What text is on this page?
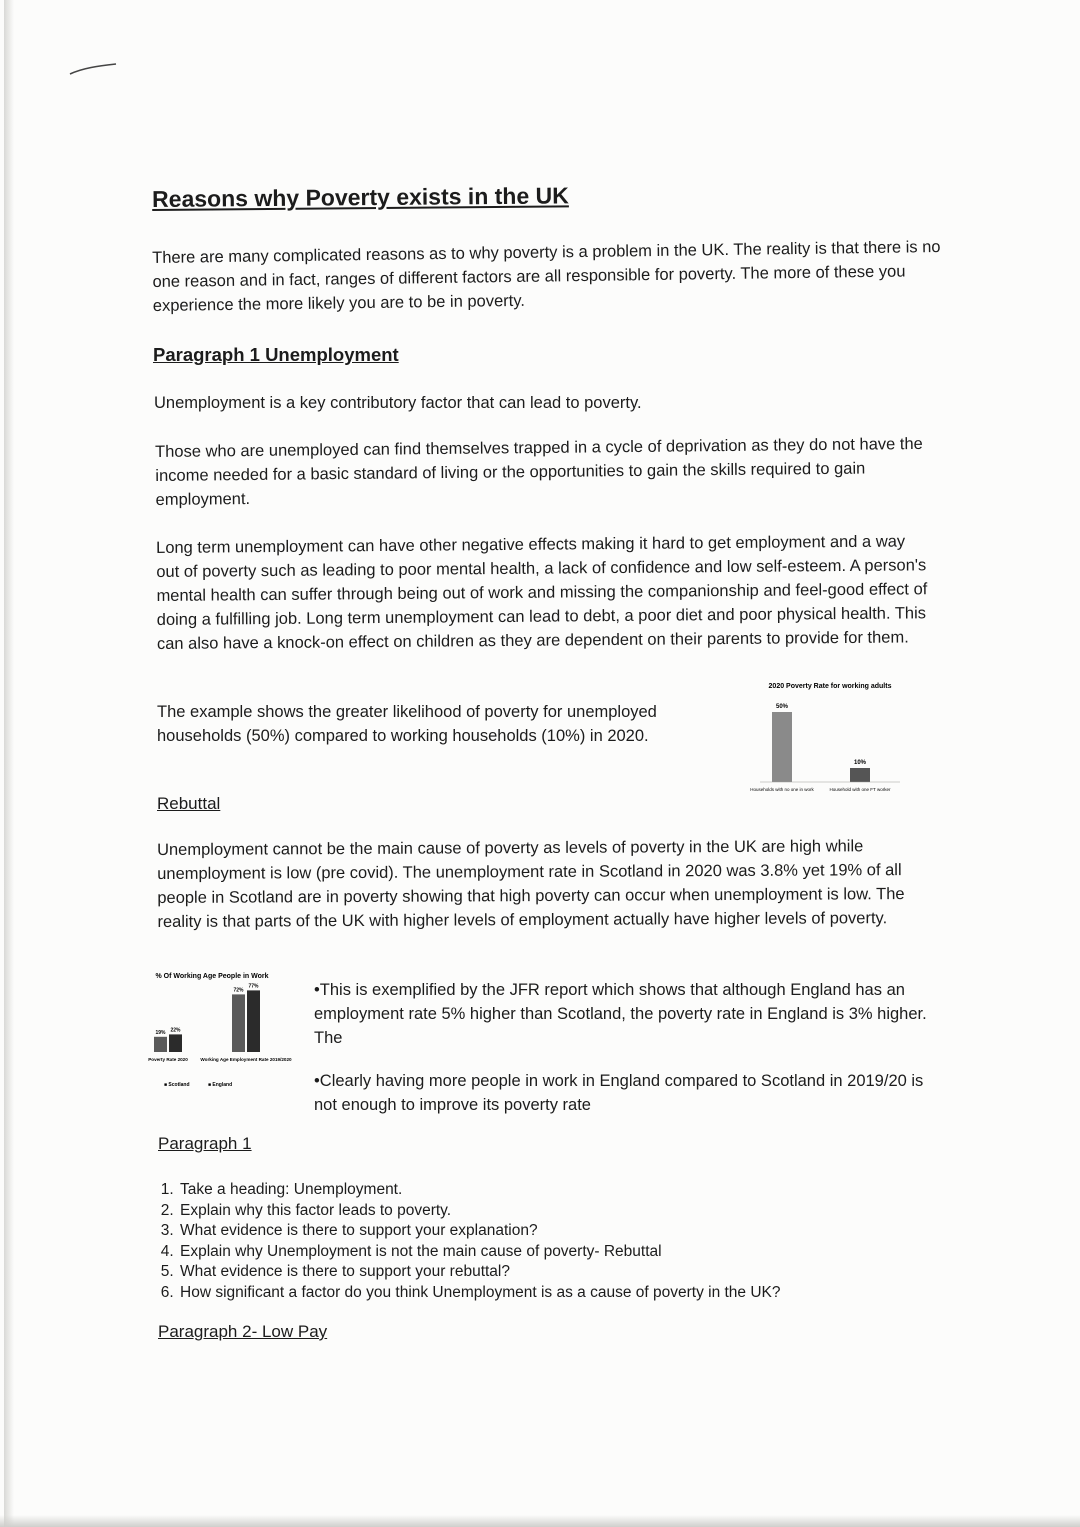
Reasons why Poverty exists in the UK
There are many complicated reasons as to why poverty is a problem in the UK. The reality is that there is no one reason and in fact, ranges of different factors are all responsible for poverty. The more of these you experience the more likely you are to be in poverty.
Paragraph 1 Unemployment
Unemployment is a key contributory factor that can lead to poverty.
Those who are unemployed can find themselves trapped in a cycle of deprivation as they do not have the income needed for a basic standard of living or the opportunities to gain the skills required to gain employment.
Long term unemployment can have other negative effects making it hard to get employment and a way out of poverty such as leading to poor mental health, a lack of confidence and low self-esteem. A person's mental health can suffer through being out of work and missing the companionship and feel-good effect of doing a fulfilling job. Long term unemployment can lead to debt, a poor diet and poor physical health. This can also have a knock-on effect on children as they are dependent on their parents to provide for them.
The example shows the greater likelihood of poverty for unemployed households (50%) compared to working households (10%) in 2020.
2020 Poverty Rate for working adults
50%
Households with no one in work
10%
Household with one FT worker
Rebuttal
Unemployment cannot be the main cause of poverty as levels of poverty in the UK are high while unemployment is low (pre covid). The unemployment rate in Scotland in 2020 was 3.8% yet 19% of all people in Scotland are in poverty showing that high poverty can occur when unemployment is low. The reality is that parts of the UK with higher levels of employment actually have higher levels of poverty.
% Of Working Age People in Work
19%
72%
22%
77%
Poverty Rate 2020	Working Age Employment Rate 2019/2020
■ Scotland	■ England
•This is exemplified by the JFR report which shows that although England has an employment rate 5% higher than Scotland, the poverty rate in England is 3% higher. The
•Clearly having more people in work in England compared to Scotland in 2019/20 is not enough to improve its poverty rate
Paragraph 1
1. Take a heading: Unemployment.
2. Explain why this factor leads to poverty.
3. What evidence is there to support your explanation?
4. Explain why Unemployment is not the main cause of poverty- Rebuttal
5. What evidence is there to support your rebuttal?
6. How significant a factor do you think Unemployment is as a cause of poverty in the UK?
Paragraph 2- Low Pay
